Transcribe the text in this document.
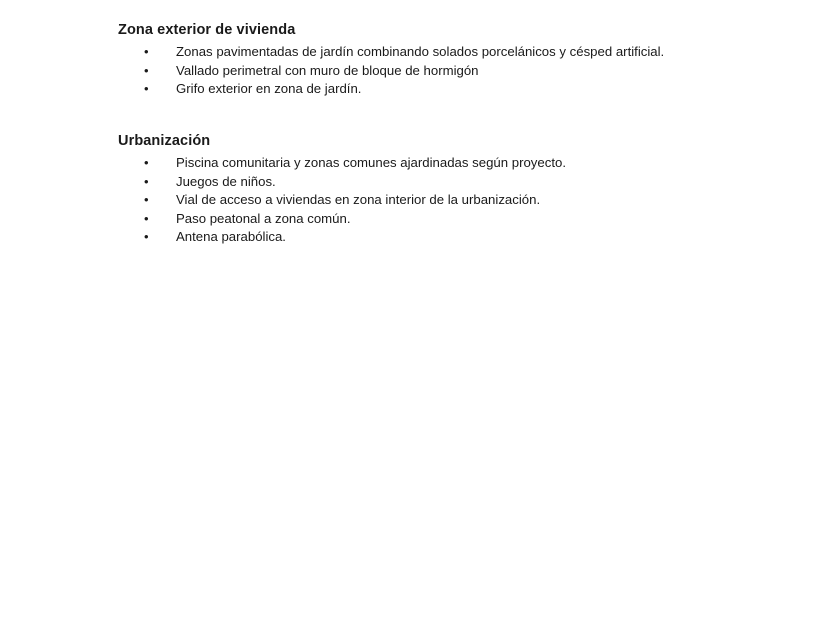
Zona exterior de vivienda
• Zonas pavimentadas de jardín combinando solados porcelánicos y césped artificial.
• Vallado perimetral con muro de bloque de hormigón
• Grifo exterior en zona de jardín.
Urbanización
• Piscina comunitaria y zonas comunes ajardinadas según proyecto.
• Juegos de niños.
• Vial de acceso a viviendas en zona interior de la urbanización.
• Paso peatonal a zona común.
• Antena parabólica.
